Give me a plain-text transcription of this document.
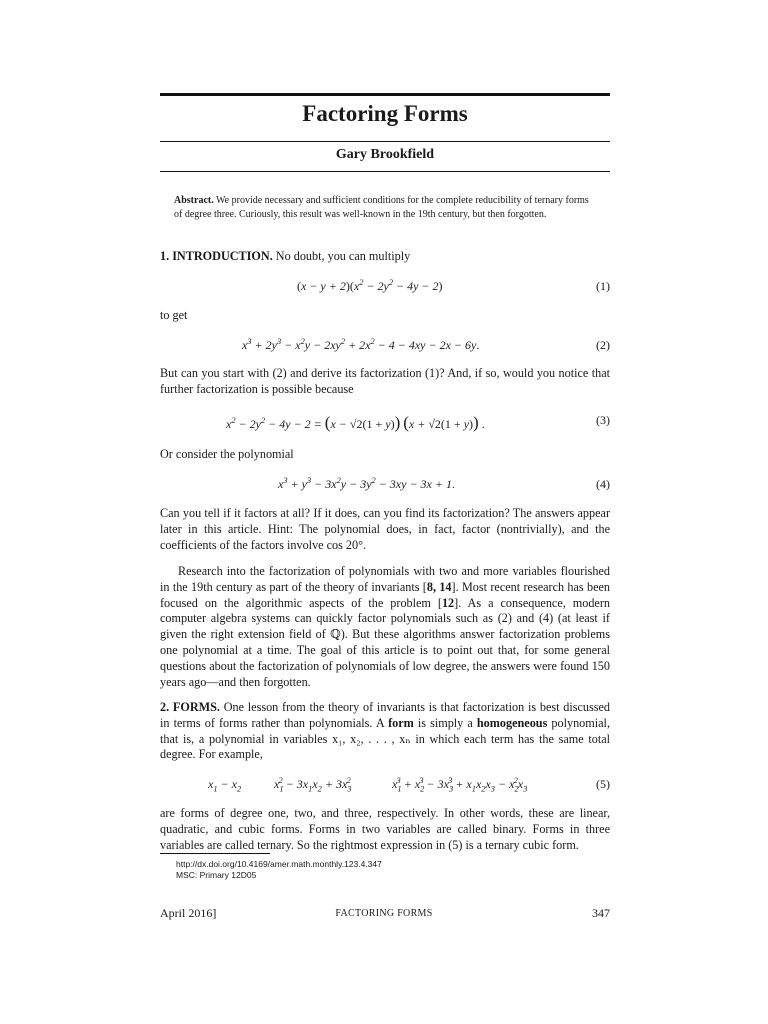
Factoring Forms
Gary Brookfield
Abstract. We provide necessary and sufficient conditions for the complete reducibility of ternary forms of degree three. Curiously, this result was well-known in the 19th century, but then forgotten.
1. INTRODUCTION. No doubt, you can multiply
$(x - y + 2)(x^2 - 2y^2 - 4y - 2)$	(1)
to get
$x^3 + 2y^3 - x^2y - 2xy^2 + 2x^2 - 4 - 4xy - 2x - 6y$.	(2)
But can you start with (2) and derive its factorization (1)? And, if so, would you notice that further factorization is possible because
$x^2 - 2y^2 - 4y - 2 = (x - √2(1 + y)) (x + √2(1 + y))$ .	(3)
Or consider the polynomial
$x^3 + y^3 - 3x^2y - 3y^2 - 3xy - 3x + 1$.	(4)
Can you tell if it factors at all? If it does, can you find its factorization? The answers appear later in this article. Hint: The polynomial does, in fact, factor (nontrivially), and the coefficients of the factors involve cos 20°.
Research into the factorization of polynomials with two and more variables flourished in the 19th century as part of the theory of invariants [8, 14]. Most recent research has been focused on the algorithmic aspects of the problem [12]. As a consequence, modern computer algebra systems can quickly factor polynomials such as (2) and (4) (at least if given the right extension field of ℚ). But these algorithms answer factorization problems one polynomial at a time. The goal of this article is to point out that, for some general questions about the factorization of polynomials of low degree, the answers were found 150 years ago—and then forgotten.
2. FORMS. One lesson from the theory of invariants is that factorization is best discussed in terms of forms rather than polynomials. A form is simply a homogeneous polynomial, that is, a polynomial in variables x₁, x₂, . . . , xₙ in which each term has the same total degree. For example,
$x_1 - x_2$	$x_1^2 - 3x_1x_2 + 3x_3^2$	$x_1^3 + x_2^3 - 3x_3^3 + x_1x_2x_3 - x_2^2x_3$	(5)
are forms of degree one, two, and three, respectively. In other words, these are linear, quadratic, and cubic forms. Forms in two variables are called binary. Forms in three variables are called ternary. So the rightmost expression in (5) is a ternary cubic form.
http://dx.doi.org/10.4169/amer.math.monthly.123.4.347
MSC: Primary 12D05
April 2016]	FACTORING FORMS	347
